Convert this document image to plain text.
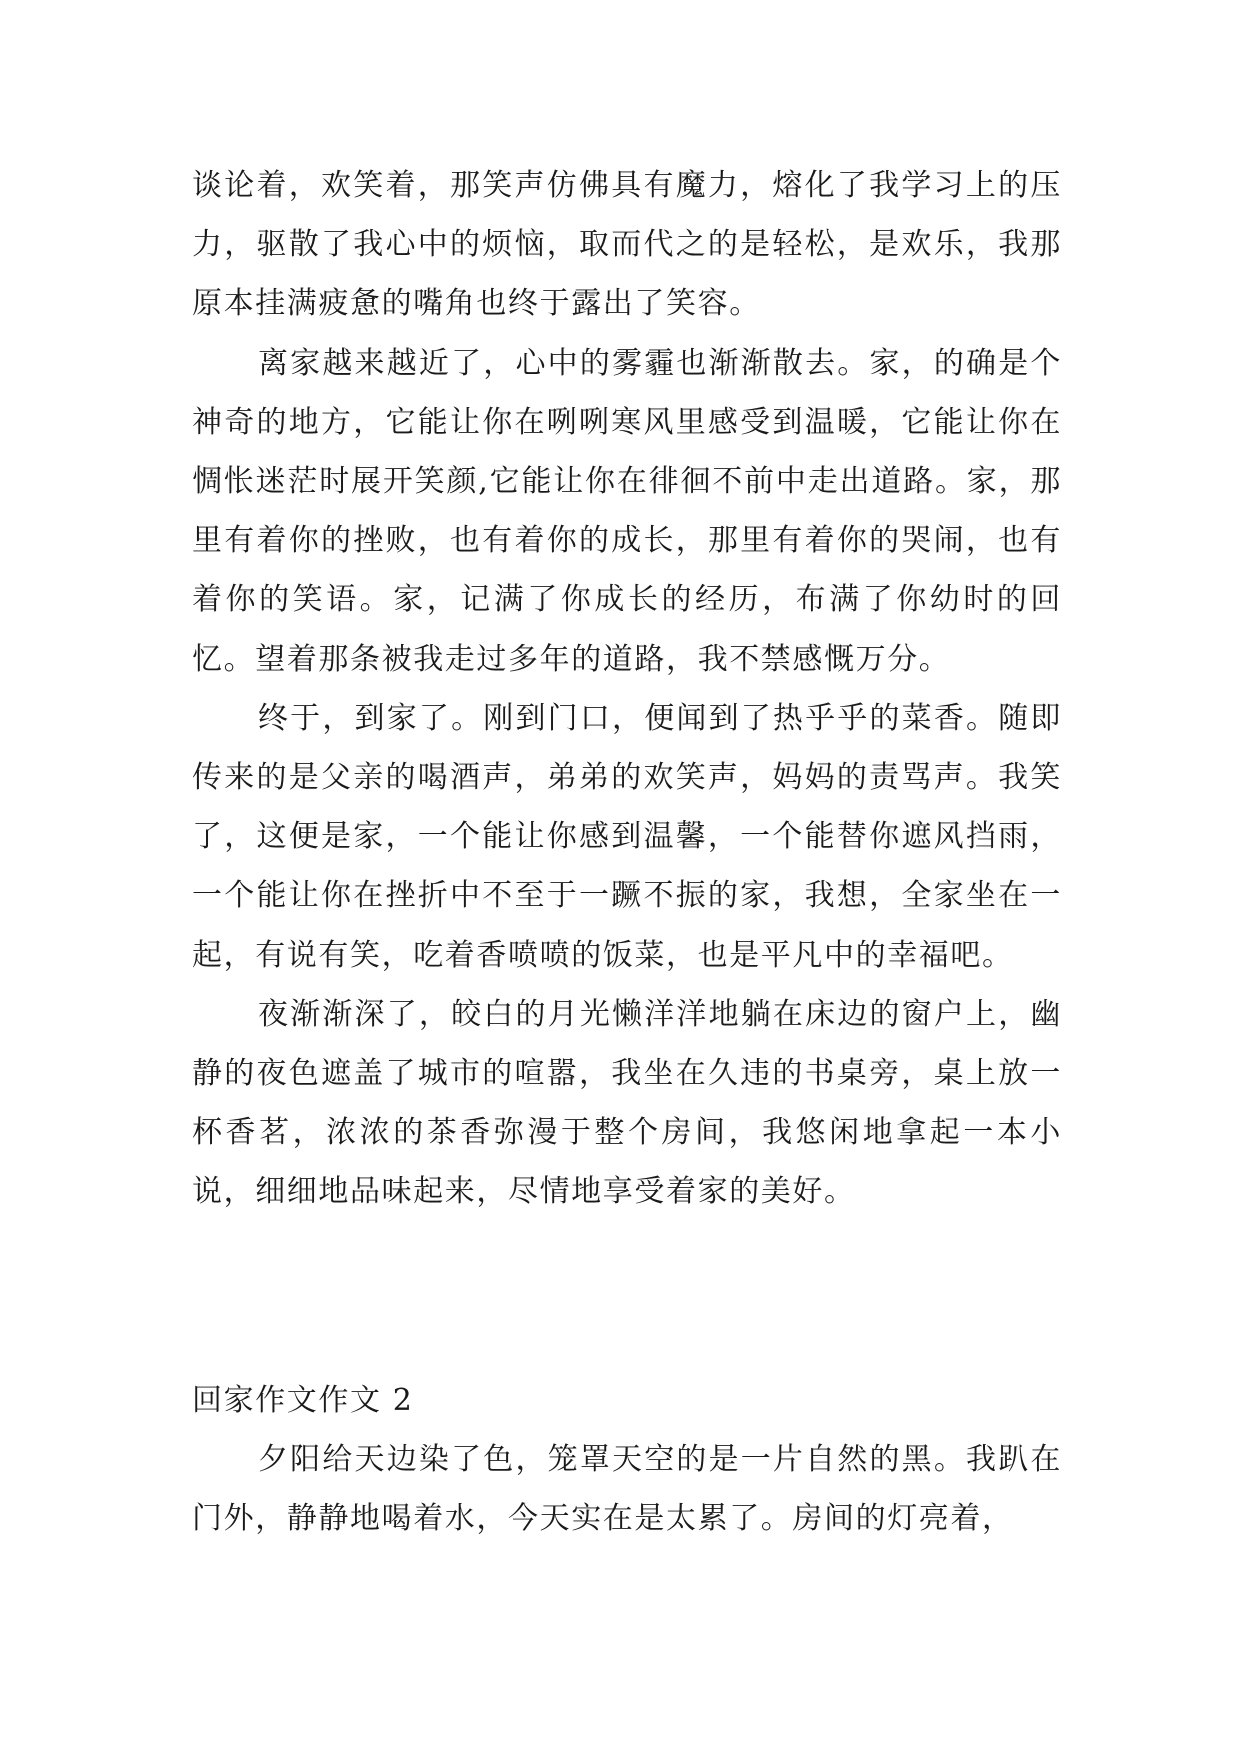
谈论着，欢笑着，那笑声仿佛具有魔力，熔化了我学习上的压力，驱散了我心中的烦恼，取而代之的是轻松，是欢乐，我那原本挂满疲惫的嘴角也终于露出了笑容。

离家越来越近了，心中的雾霾也渐渐散去。家，的确是个神奇的地方，它能让你在咧咧寒风里感受到温暖，它能让你在惆怅迷茫时展开笑颜,它能让你在徘徊不前中走出道路。家，那里有着你的挫败，也有着你的成长，那里有着你的哭闹，也有着你的笑语。家，记满了你成长的经历，布满了你幼时的回忆。望着那条被我走过多年的道路，我不禁感慨万分。

终于，到家了。刚到门口，便闻到了热乎乎的菜香。随即传来的是父亲的喝酒声，弟弟的欢笑声，妈妈的责骂声。我笑了，这便是家，一个能让你感到温馨，一个能替你遮风挡雨，一个能让你在挫折中不至于一蹶不振的家，我想，全家坐在一起，有说有笑，吃着香喷喷的饭菜，也是平凡中的幸福吧。

夜渐渐深了，皎白的月光懒洋洋地躺在床边的窗户上，幽静的夜色遮盖了城市的喧嚣，我坐在久违的书桌旁，桌上放一杯香茗，浓浓的茶香弥漫于整个房间，我悠闲地拿起一本小说，细细地品味起来，尽情地享受着家的美好。

回家作文作文 2

夕阳给天边染了色，笼罩天空的是一片自然的黑。我趴在门外，静静地喝着水，今天实在是太累了。房间的灯亮着，
